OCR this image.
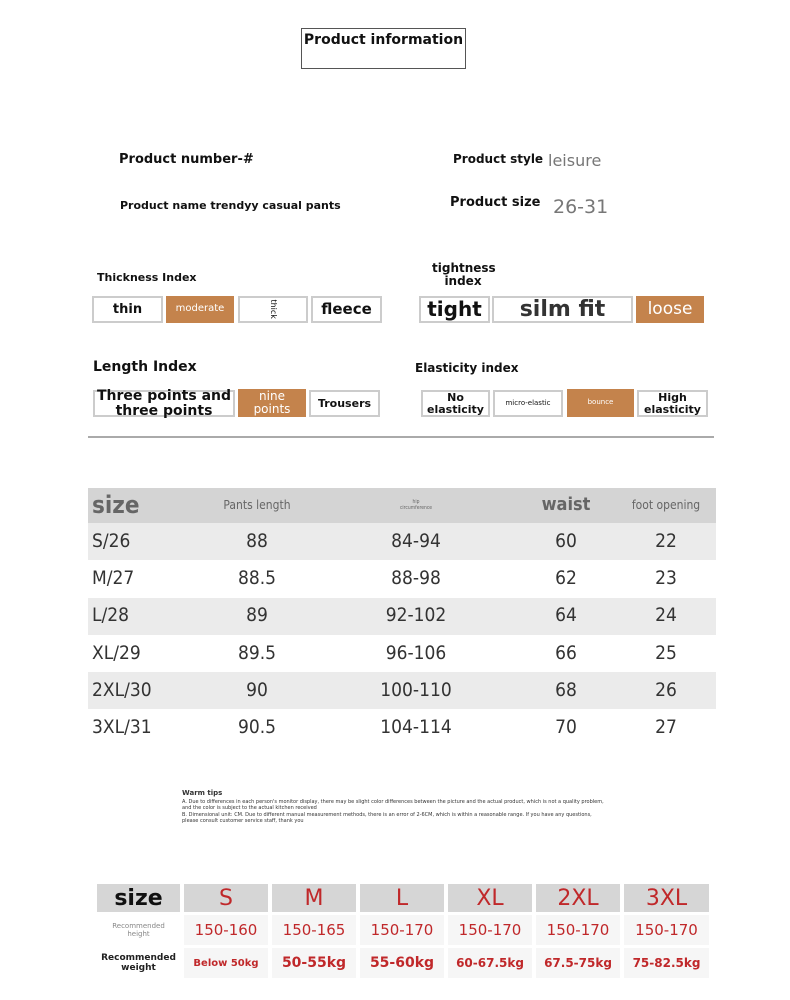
Product information
Product number-#	Product style leisure
Product name trendyy casual pants	Product size 26-31
Thickness Index
thin	moderate	thick	fleece
tightness index
tight	silm fit	loose
Length Index
Three points and three points
nine points	Trousers
Elasticity index
No elasticity	micro-elastic	bounce	High elasticity
size	Pants length	hip circumference	waist	foot opening
S/26	88	84-94	60	22
M/27	88.5	88-98	62	23
L/28	89	92-102	64	24
XL/29	89.5	96-106	66	25
2XL/30	90	100-110	68	26
3XL/31	90.5	104-114	70	27
Warm tips
A. Due to differences in each person's monitor display, there may be slight color differences between the picture and the actual product, which is not a quality problem, and the color is subject to the actual kitchen received
B. Dimensional unit: CM. Due to different manual measurement methods, there is an error of 2-6CM, which is within a reasonable range. If you have any questions, please consult customer service staff, thank you
size	S	M	L	XL	2XL	3XL
Recommended height	150-160	150-165	150-170	150-170	150-170	150-170
Recommended weight	Below 50kg	50-55kg	55-60kg	60-67.5kg	67.5-75kg	75-82.5kg
